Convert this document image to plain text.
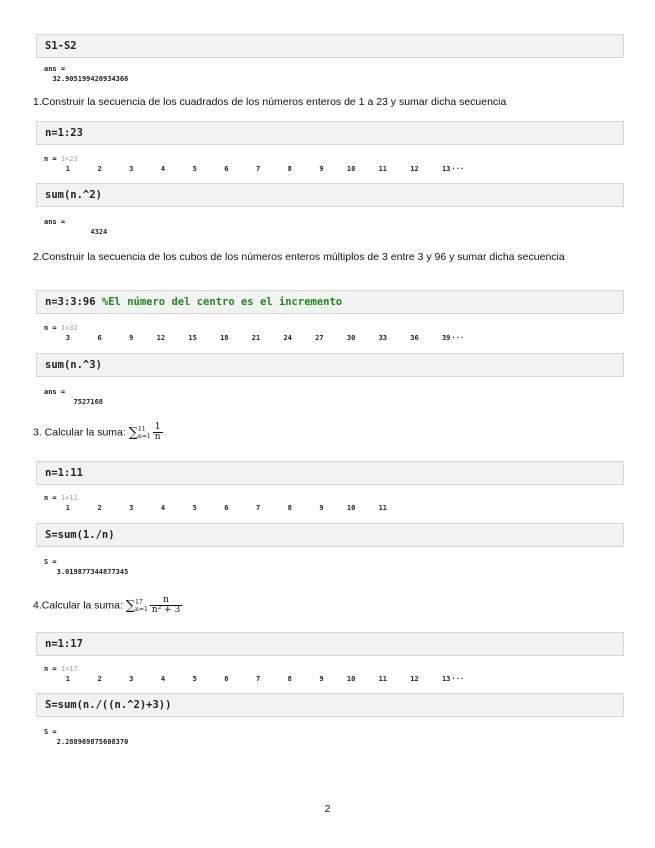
S1-S2
ans =
32.905199420934366
1.Construir la secuencia de los cuadrados de los números enteros de 1 a 23 y sumar dicha secuencia
n=1:23
n = 1×23
1	2	3	4	5	6	7	8	9	10	11	12	13 ···
sum(n.^2)
ans =
4324
2.Construir la secuencia de los cubos de los números enteros múltiplos de 3 entre 3 y 96 y sumar dicha secuencia
n=3:3:96 %El número del centro es el incremento
n = 1×32
3	6	9	12	15	18	21	24	27	30	33	36	39 ···
sum(n.^3)
ans =
7527168
3. Calcular la suma: ∑ 11
$n=1 \frac{1}{n}$
n=1:11
n = 1×11
1	2	3	4	5	6	7	8	9	10	11
S=sum(1./n)
S =
3.019877344877345
4.Calcular la suma: ∑ 17
$n=1 \frac{n}{\text{n² + 3}}$
n=1:17
n = 1×17
1	2	3	4	5	6	7	8	9	10	11	12	13 ···
S=sum(n./((n.^2)+3))
S =
2.288969875608370
2
